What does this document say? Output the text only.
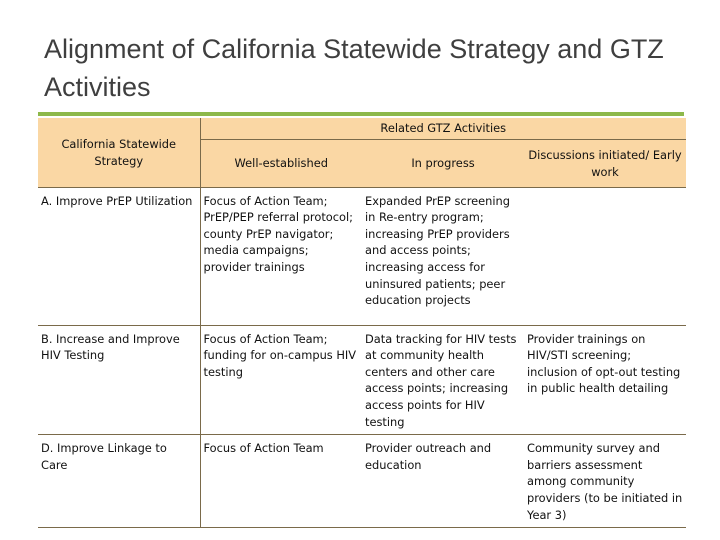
Alignment of California Statewide Strategy and GTZ Activities
California Statewide Strategy	Related GTZ Activities		
	Well-established	In progress	Discussions initiated/ Early work
A. Improve PrEP Utilization	Focus of Action Team; PrEP/PEP referral protocol; county PrEP navigator; media campaigns; provider trainings	Expanded PrEP screening in Re-entry program; increasing PrEP providers and access points; increasing access for uninsured patients; peer education projects	
B. Increase and Improve HIV Testing	Focus of Action Team; funding for on-campus HIV testing	Data tracking for HIV tests at community health centers and other care access points; increasing access points for HIV testing	Provider trainings on HIV/STI screening; inclusion of opt-out testing in public health detailing
D. Improve Linkage to Care	Focus of Action Team	Provider outreach and education	Community survey and barriers assessment among community providers (to be initiated in Year 3)
